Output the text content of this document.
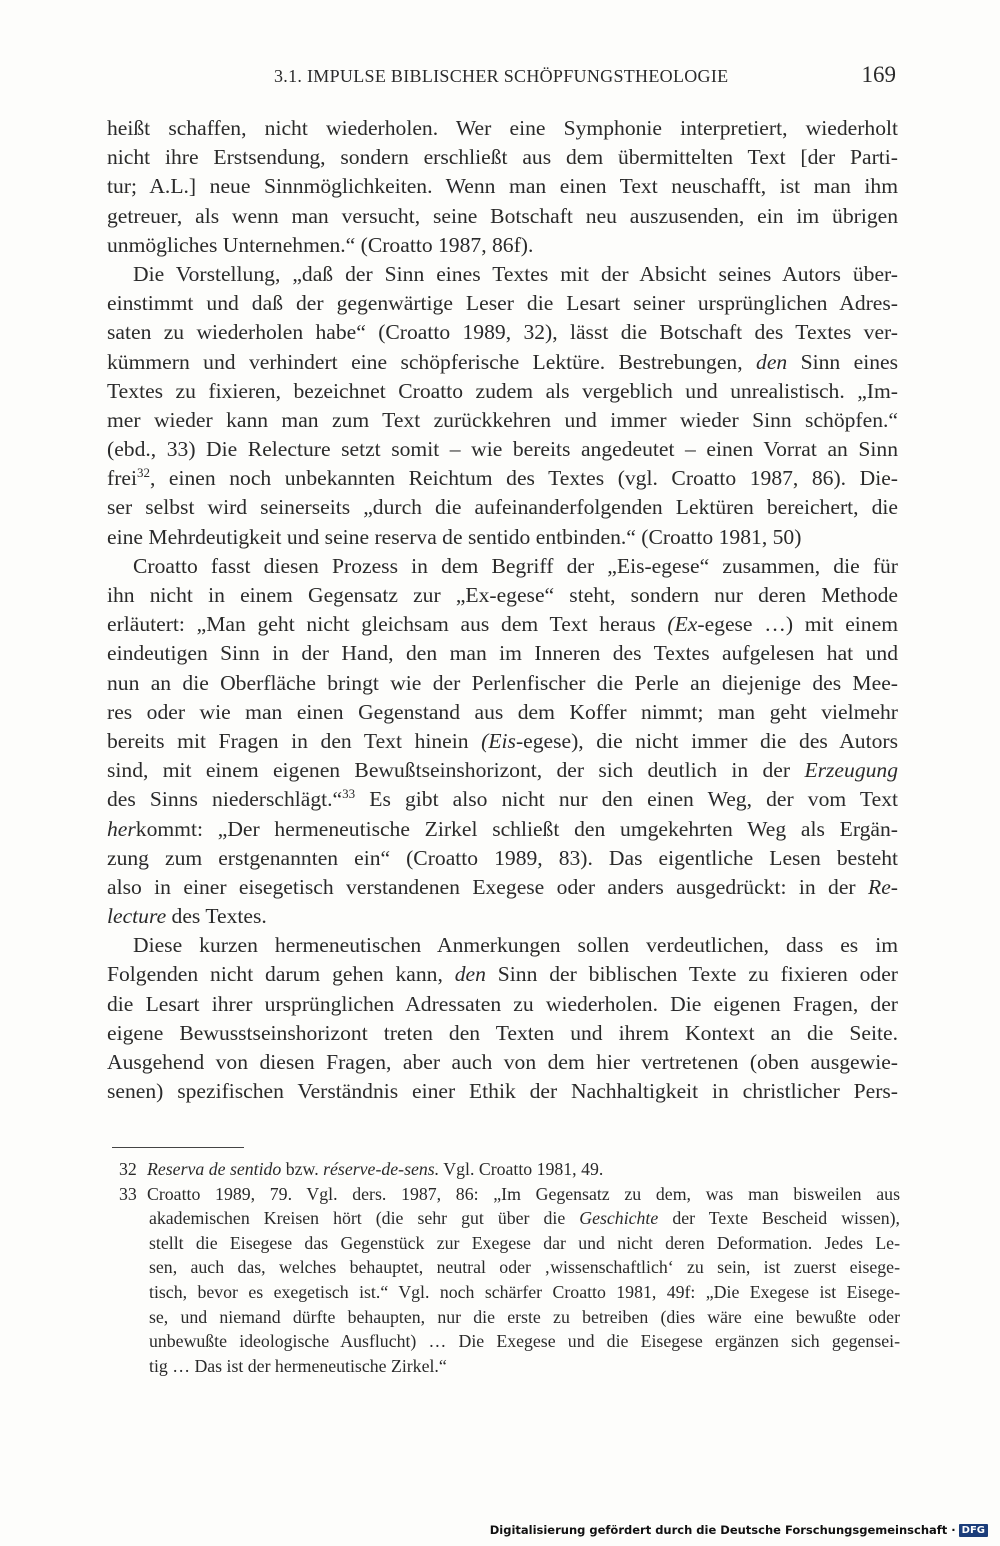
3.1. IMPULSE BIBLISCHER SCHÖPFUNGSTHEOLOGIE	169
heißt schaffen, nicht wiederholen. Wer eine Symphonie interpretiert, wiederholt
nicht ihre Erstsendung, sondern erschließt aus dem übermittelten Text [der Parti-
tur; A.L.] neue Sinnmöglichkeiten. Wenn man einen Text neuschafft, ist man ihm
getreuer, als wenn man versucht, seine Botschaft neu auszusenden, ein im übrigen
unmögliches Unternehmen.“ (Croatto 1987, 86f).
Die Vorstellung, „daß der Sinn eines Textes mit der Absicht seines Autors über-
einstimmt und daß der gegenwärtige Leser die Lesart seiner ursprünglichen Adres-
saten zu wiederholen habe“ (Croatto 1989, 32), lässt die Botschaft des Textes ver-
kümmern und verhindert eine schöpferische Lektüre. Bestrebungen, den Sinn eines
Textes zu fixieren, bezeichnet Croatto zudem als vergeblich und unrealistisch. „Im-
mer wieder kann man zum Text zurückkehren und immer wieder Sinn schöpfen.“
(ebd., 33) Die Relecture setzt somit – wie bereits angedeutet – einen Vorrat an Sinn
frei$^{32}$, einen noch unbekannten Reichtum des Textes (vgl. Croatto 1987, 86). Die-
ser selbst wird seinerseits „durch die aufeinanderfolgenden Lektüren bereichert, die
eine Mehrdeutigkeit und seine reserva de sentido entbinden.“ (Croatto 1981, 50)
Croatto fasst diesen Prozess in dem Begriff der „Eis-egese“ zusammen, die für
ihn nicht in einem Gegensatz zur „Ex-egese“ steht, sondern nur deren Methode
erläutert: „Man geht nicht gleichsam aus dem Text heraus (Ex-egese …) mit einem
eindeutigen Sinn in der Hand, den man im Inneren des Textes aufgelesen hat und
nun an die Oberfläche bringt wie der Perlenfischer die Perle an diejenige des Mee-
res oder wie man einen Gegenstand aus dem Koffer nimmt; man geht vielmehr
bereits mit Fragen in den Text hinein (Eis-egese), die nicht immer die des Autors
sind, mit einem eigenen Bewußtseinshorizont, der sich deutlich in der Erzeugung
des Sinns niederschlägt.“$^{33}$ Es gibt also nicht nur den einen Weg, der vom Text
herkommt: „Der hermeneutische Zirkel schließt den umgekehrten Weg als Ergän-
zung zum erstgenannten ein“ (Croatto 1989, 83). Das eigentliche Lesen besteht
also in einer eisegetisch verstandenen Exegese oder anders ausgedrückt: in der Re-
lecture des Textes.
Diese kurzen hermeneutischen Anmerkungen sollen verdeutlichen, dass es im
Folgenden nicht darum gehen kann, den Sinn der biblischen Texte zu fixieren oder
die Lesart ihrer ursprünglichen Adressaten zu wiederholen. Die eigenen Fragen, der
eigene Bewusstseinshorizont treten den Texten und ihrem Kontext an die Seite.
Ausgehend von diesen Fragen, aber auch von dem hier vertretenen (oben ausgewie-
senen) spezifischen Verständnis einer Ethik der Nachhaltigkeit in christlicher Pers-
32 Reserva de sentido bzw. réserve-de-sens. Vgl. Croatto 1981, 49.
33 Croatto 1989, 79. Vgl. ders. 1987, 86: „Im Gegensatz zu dem, was man bisweilen aus
akademischen Kreisen hört (die sehr gut über die Geschichte der Texte Bescheid wissen),
stellt die Eisegese das Gegenstück zur Exegese dar und nicht deren Deformation. Jedes Le-
sen, auch das, welches behauptet, neutral oder ‚wissenschaftlich‘ zu sein, ist zuerst eisege-
tisch, bevor es exegetisch ist.“ Vgl. noch schärfer Croatto 1981, 49f: „Die Exegese ist Eisege-
se, und niemand dürfte behaupten, nur die erste zu betreiben (dies wäre eine bewußte oder
unbewußte ideologische Ausflucht) … Die Exegese und die Eisegese ergänzen sich gegensei-
tig … Das ist der hermeneutische Zirkel.“
Digitalisierung gefördert durch die Deutsche Forschungsgemeinschaft · DFG
